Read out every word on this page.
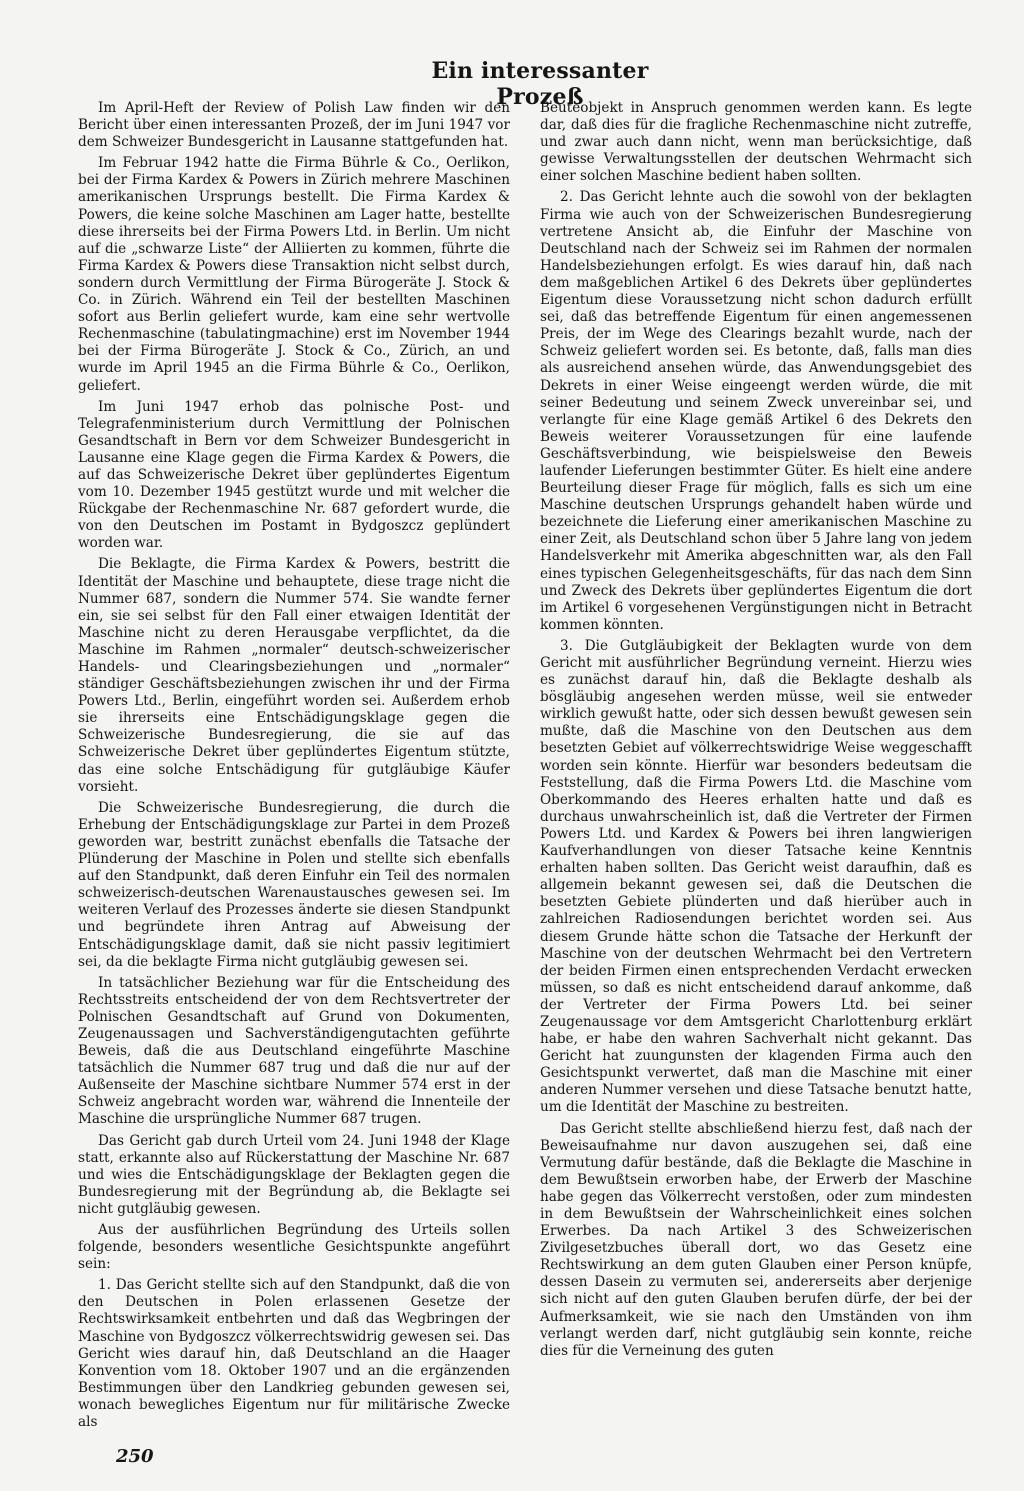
Ein interessanter Prozeß

Im April-Heft der Review of Polish Law finden wir den Bericht über einen interessanten Prozeß, der im Juni 1947 vor dem Schweizer Bundesgericht in Lausanne stattgefunden hat.

Im Februar 1942 hatte die Firma Bührle & Co., Oerlikon, bei der Firma Kardex & Powers in Zürich mehrere Maschinen amerikanischen Ursprungs bestellt. Die Firma Kardex & Powers, die keine solche Maschinen am Lager hatte, bestellte diese ihrerseits bei der Firma Powers Ltd. in Berlin. Um nicht auf die „schwarze Liste“ der Alliierten zu kommen, führte die Firma Kardex & Powers diese Transaktion nicht selbst durch, sondern durch Vermittlung der Firma Bürogeräte J. Stock & Co. in Zürich. Während ein Teil der bestellten Maschinen sofort aus Berlin geliefert wurde, kam eine sehr wertvolle Rechenmaschine (tabulatingmachine) erst im November 1944 bei der Firma Bürogeräte J. Stock & Co., Zürich, an und wurde im April 1945 an die Firma Bührle & Co., Oerlikon, geliefert.

Im Juni 1947 erhob das polnische Post- und Telegrafenministerium durch Vermittlung der Polnischen Gesandtschaft in Bern vor dem Schweizer Bundesgericht in Lausanne eine Klage gegen die Firma Kardex & Powers, die auf das Schweizerische Dekret über geplündertes Eigentum vom 10. Dezember 1945 gestützt wurde und mit welcher die Rückgabe der Rechenmaschine Nr. 687 gefordert wurde, die von den Deutschen im Postamt in Bydgoszcz geplündert worden war.

Die Beklagte, die Firma Kardex & Powers, bestritt die Identität der Maschine und behauptete, diese trage nicht die Nummer 687, sondern die Nummer 574. Sie wandte ferner ein, sie sei selbst für den Fall einer etwaigen Identität der Maschine nicht zu deren Herausgabe verpflichtet, da die Maschine im Rahmen „normaler“ deutsch-schweizerischer Handels- und Clearingsbeziehungen und „normaler“ ständiger Geschäftsbeziehungen zwischen ihr und der Firma Powers Ltd., Berlin, eingeführt worden sei. Außerdem erhob sie ihrerseits eine Entschädigungsklage gegen die Schweizerische Bundesregierung, die sie auf das Schweizerische Dekret über geplündertes Eigentum stützte, das eine solche Entschädigung für gutgläubige Käufer vorsieht.

Die Schweizerische Bundesregierung, die durch die Erhebung der Entschädigungsklage zur Partei in dem Prozeß geworden war, bestritt zunächst ebenfalls die Tatsache der Plünderung der Maschine in Polen und stellte sich ebenfalls auf den Standpunkt, daß deren Einfuhr ein Teil des normalen schweizerisch-deutschen Warenaustausches gewesen sei. Im weiteren Verlauf des Prozesses änderte sie diesen Standpunkt und begründete ihren Antrag auf Abweisung der Entschädigungsklage damit, daß sie nicht passiv legitimiert sei, da die beklagte Firma nicht gutgläubig gewesen sei.

In tatsächlicher Beziehung war für die Entscheidung des Rechtsstreits entscheidend der von dem Rechtsvertreter der Polnischen Gesandtschaft auf Grund von Dokumenten, Zeugenaussagen und Sachverständigengutachten geführte Beweis, daß die aus Deutschland eingeführte Maschine tatsächlich die Nummer 687 trug und daß die nur auf der Außenseite der Maschine sichtbare Nummer 574 erst in der Schweiz angebracht worden war, während die Innenteile der Maschine die ursprüngliche Nummer 687 trugen.

Das Gericht gab durch Urteil vom 24. Juni 1948 der Klage statt, erkannte also auf Rückerstattung der Maschine Nr. 687 und wies die Entschädigungsklage der Beklagten gegen die Bundesregierung mit der Begründung ab, die Beklagte sei nicht gutgläubig gewesen.

Aus der ausführlichen Begründung des Urteils sollen folgende, besonders wesentliche Gesichtspunkte angeführt sein:

1. Das Gericht stellte sich auf den Standpunkt, daß die von den Deutschen in Polen erlassenen Gesetze der Rechtswirksamkeit entbehrten und daß das Wegbringen der Maschine von Bydgoszcz völkerrechtswidrig gewesen sei. Das Gericht wies darauf hin, daß Deutschland an die Haager Konvention vom 18. Oktober 1907 und an die ergänzenden Bestimmungen über den Landkrieg gebunden gewesen sei, wonach bewegliches Eigentum nur für militärische Zwecke als

Beuteobjekt in Anspruch genommen werden kann. Es legte dar, daß dies für die fragliche Rechenmaschine nicht zutreffe, und zwar auch dann nicht, wenn man berücksichtige, daß gewisse Verwaltungsstellen der deutschen Wehrmacht sich einer solchen Maschine bedient haben sollten.

2. Das Gericht lehnte auch die sowohl von der beklagten Firma wie auch von der Schweizerischen Bundesregierung vertretene Ansicht ab, die Einfuhr der Maschine von Deutschland nach der Schweiz sei im Rahmen der normalen Handelsbeziehungen erfolgt. Es wies darauf hin, daß nach dem maßgeblichen Artikel 6 des Dekrets über geplündertes Eigentum diese Voraussetzung nicht schon dadurch erfüllt sei, daß das betreffende Eigentum für einen angemessenen Preis, der im Wege des Clearings bezahlt wurde, nach der Schweiz geliefert worden sei. Es betonte, daß, falls man dies als ausreichend ansehen würde, das Anwendungsgebiet des Dekrets in einer Weise eingeengt werden würde, die mit seiner Bedeutung und seinem Zweck unvereinbar sei, und verlangte für eine Klage gemäß Artikel 6 des Dekrets den Beweis weiterer Voraussetzungen für eine laufende Geschäftsverbindung, wie beispielsweise den Beweis laufender Lieferungen bestimmter Güter. Es hielt eine andere Beurteilung dieser Frage für möglich, falls es sich um eine Maschine deutschen Ursprungs gehandelt haben würde und bezeichnete die Lieferung einer amerikanischen Maschine zu einer Zeit, als Deutschland schon über 5 Jahre lang von jedem Handelsverkehr mit Amerika abgeschnitten war, als den Fall eines typischen Gelegenheitsgeschäfts, für das nach dem Sinn und Zweck des Dekrets über geplündertes Eigentum die dort im Artikel 6 vorgesehenen Vergünstigungen nicht in Betracht kommen könnten.

3. Die Gutgläubigkeit der Beklagten wurde von dem Gericht mit ausführlicher Begründung verneint. Hierzu wies es zunächst darauf hin, daß die Beklagte deshalb als bösgläubig angesehen werden müsse, weil sie entweder wirklich gewußt hatte, oder sich dessen bewußt gewesen sein mußte, daß die Maschine von den Deutschen aus dem besetzten Gebiet auf völkerrechtswidrige Weise weggeschafft worden sein könnte. Hierfür war besonders bedeutsam die Feststellung, daß die Firma Powers Ltd. die Maschine vom Oberkommando des Heeres erhalten hatte und daß es durchaus unwahrscheinlich ist, daß die Vertreter der Firmen Powers Ltd. und Kardex & Powers bei ihren langwierigen Kaufverhandlungen von dieser Tatsache keine Kenntnis erhalten haben sollten. Das Gericht weist daraufhin, daß es allgemein bekannt gewesen sei, daß die Deutschen die besetzten Gebiete plünderten und daß hierüber auch in zahlreichen Radiosendungen berichtet worden sei. Aus diesem Grunde hätte schon die Tatsache der Herkunft der Maschine von der deutschen Wehrmacht bei den Vertretern der beiden Firmen einen entsprechenden Verdacht erwecken müssen, so daß es nicht entscheidend darauf ankomme, daß der Vertreter der Firma Powers Ltd. bei seiner Zeugenaussage vor dem Amtsgericht Charlottenburg erklärt habe, er habe den wahren Sachverhalt nicht gekannt. Das Gericht hat zuungunsten der klagenden Firma auch den Gesichtspunkt verwertet, daß man die Maschine mit einer anderen Nummer versehen und diese Tatsache benutzt hatte, um die Identität der Maschine zu bestreiten.

Das Gericht stellte abschließend hierzu fest, daß nach der Beweisaufnahme nur davon auszugehen sei, daß eine Vermutung dafür bestände, daß die Beklagte die Maschine in dem Bewußtsein erworben habe, der Erwerb der Maschine habe gegen das Völkerrecht verstoßen, oder zum mindesten in dem Bewußtsein der Wahrscheinlichkeit eines solchen Erwerbes. Da nach Artikel 3 des Schweizerischen Zivilgesetzbuches überall dort, wo das Gesetz eine Rechtswirkung an dem guten Glauben einer Person knüpfe, dessen Dasein zu vermuten sei, andererseits aber derjenige sich nicht auf den guten Glauben berufen dürfe, der bei der Aufmerksamkeit, wie sie nach den Umständen von ihm verlangt werden darf, nicht gutgläubig sein konnte, reiche dies für die Verneinung des guten

250
